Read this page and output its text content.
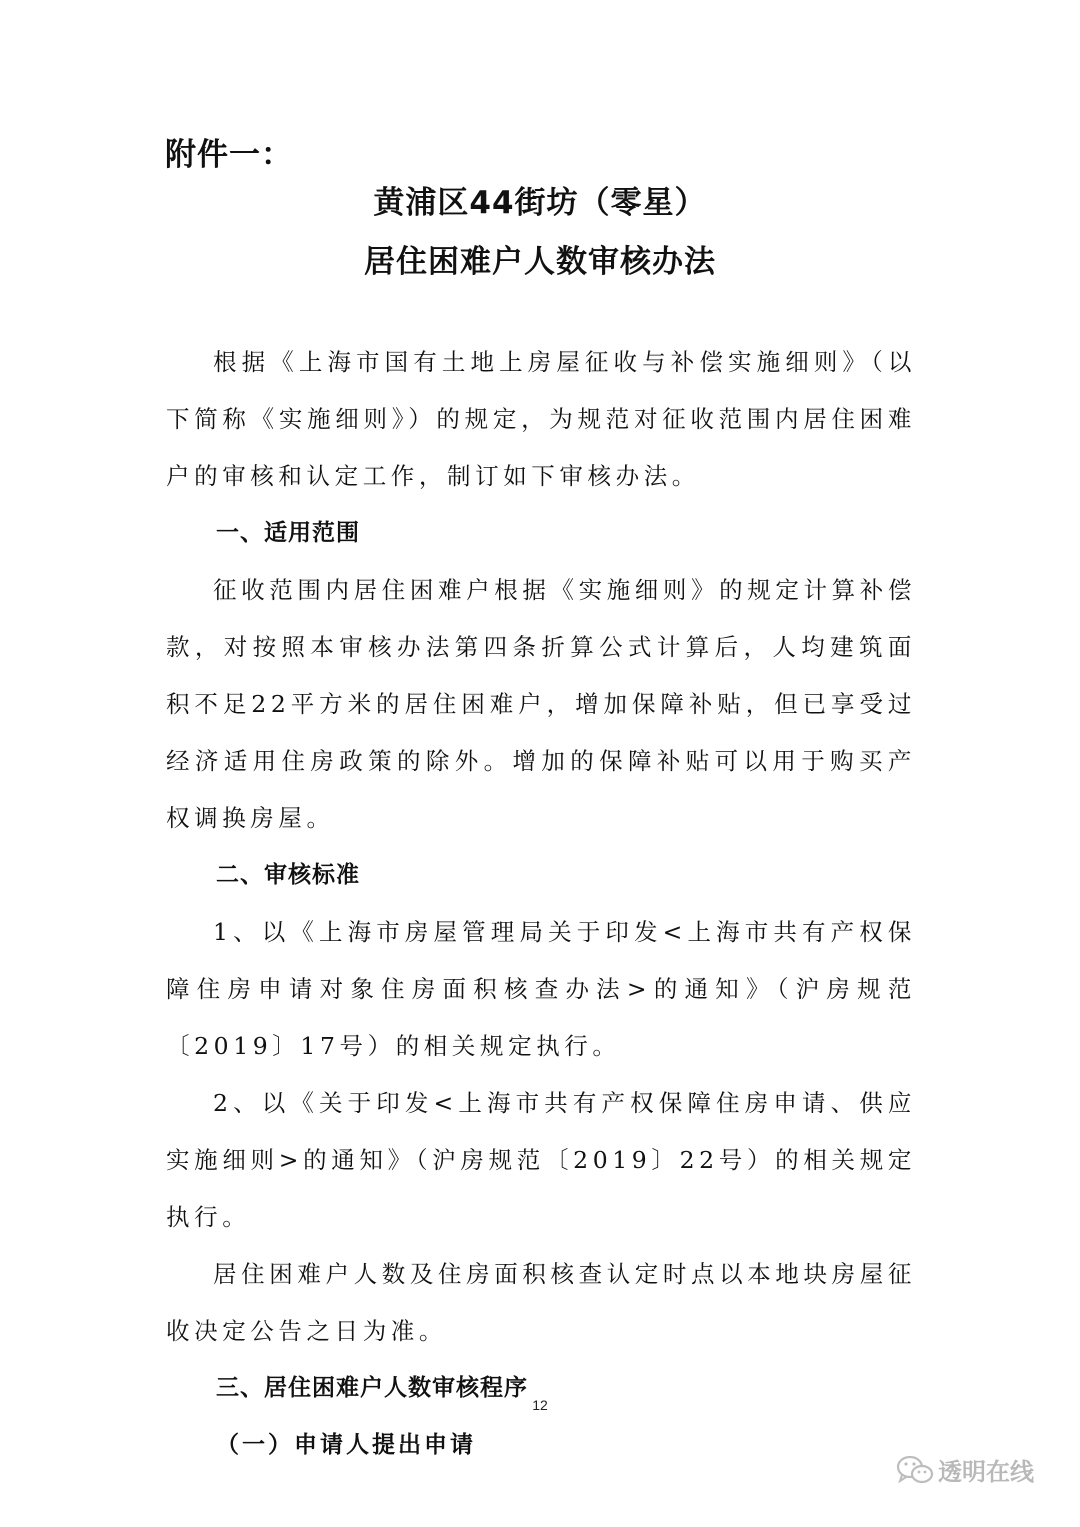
附件一：
黄浦区44街坊（零星）
居住困难户人数审核办法

根据《上海市国有土地上房屋征收与补偿实施细则》（以下简称《实施细则》）的规定，为规范对征收范围内居住困难户的审核和认定工作，制订如下审核办法。

一、适用范围

征收范围内居住困难户根据《实施细则》的规定计算补偿款，对按照本审核办法第四条折算公式计算后，人均建筑面积不足22平方米的居住困难户，增加保障补贴，但已享受过经济适用住房政策的除外。增加的保障补贴可以用于购买产权调换房屋。

二、审核标准

1、以《上海市房屋管理局关于印发<上海市共有产权保障住房申请对象住房面积核查办法>的通知》（沪房规范〔2019〕17号）的相关规定执行。

2、以《关于印发<上海市共有产权保障住房申请、供应实施细则>的通知》（沪房规范〔2019〕22号）的相关规定执行。

居住困难户人数及住房面积核查认定时点以本地块房屋征收决定公告之日为准。

三、居住困难户人数审核程序

（一）申请人提出申请

12
透明在线
